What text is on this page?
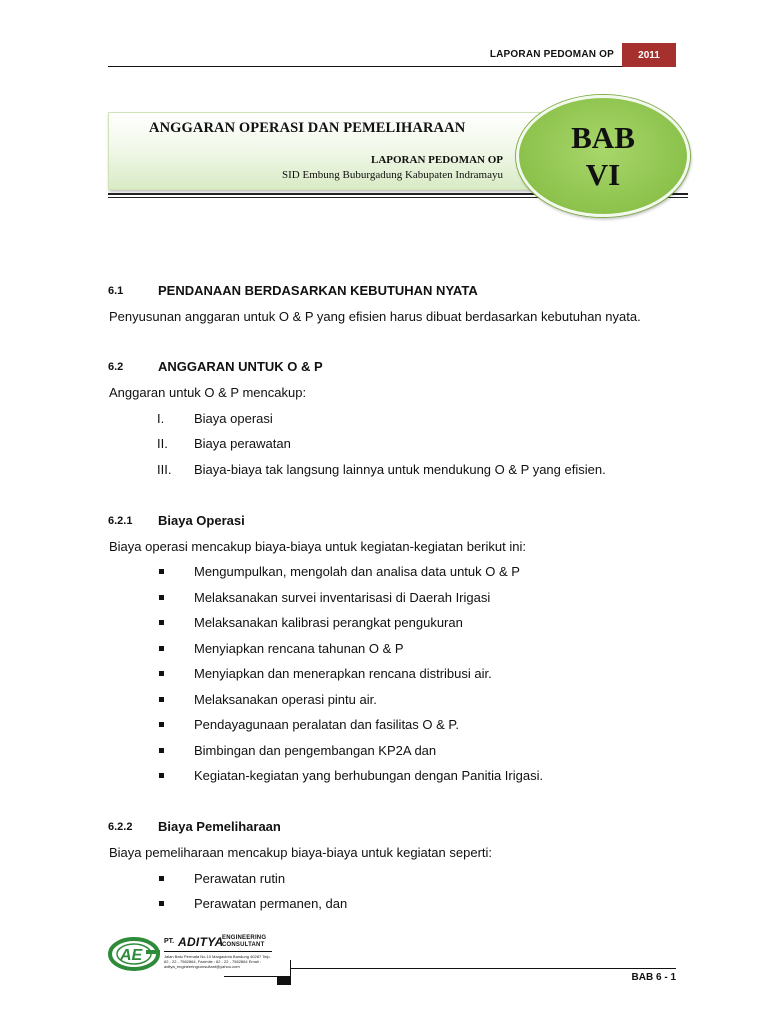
LAPORAN PEDOMAN OP 2011
ANGGARAN OPERASI DAN PEMELIHARAAN
LAPORAN PEDOMAN OP
SID Embung Buburgadung Kabupaten Indramayu
BAB
VI
6.1	PENDANAAN BERDASARKAN KEBUTUHAN NYATA
Penyusunan anggaran untuk O & P yang efisien harus dibuat berdasarkan kebutuhan nyata.
6.2	ANGGARAN UNTUK O & P
Anggaran untuk O & P mencakup:
I.	Biaya operasi
II.	Biaya perawatan
III.	Biaya-biaya tak langsung lainnya untuk mendukung O & P yang efisien.
6.2.1 Biaya Operasi
Biaya operasi mencakup biaya-biaya untuk kegiatan-kegiatan berikut ini:
Mengumpulkan, mengolah dan analisa data untuk O & P
Melaksanakan survei inventarisasi di Daerah Irigasi
Melaksanakan kalibrasi perangkat pengukuran
Menyiapkan rencana tahunan O & P
Menyiapkan dan menerapkan rencana distribusi air.
Melaksanakan operasi pintu air.
Pendayagunaan peralatan dan fasilitas O & P.
Bimbingan dan pengembangan KP2A dan
Kegiatan-kegiatan yang berhubungan dengan Panitia Irigasi.
6.2.2 Biaya Pemeliharaan
Biaya pemeliharaan mencakup biaya-biaya untuk kegiatan seperti:
Perawatan rutin
Perawatan permanen, dan
AE
PT. ADITYA
ENGINEERING
CONSULTANT
Jalan Batu Permata No.10 Margacinta Bandung 40287 Telp. 62 - 22 - 7562864, Faximile : 62 - 22 - 7562864 Email : aditya_engineeringconsultant@yahoo.com
BAB 6 - 1
